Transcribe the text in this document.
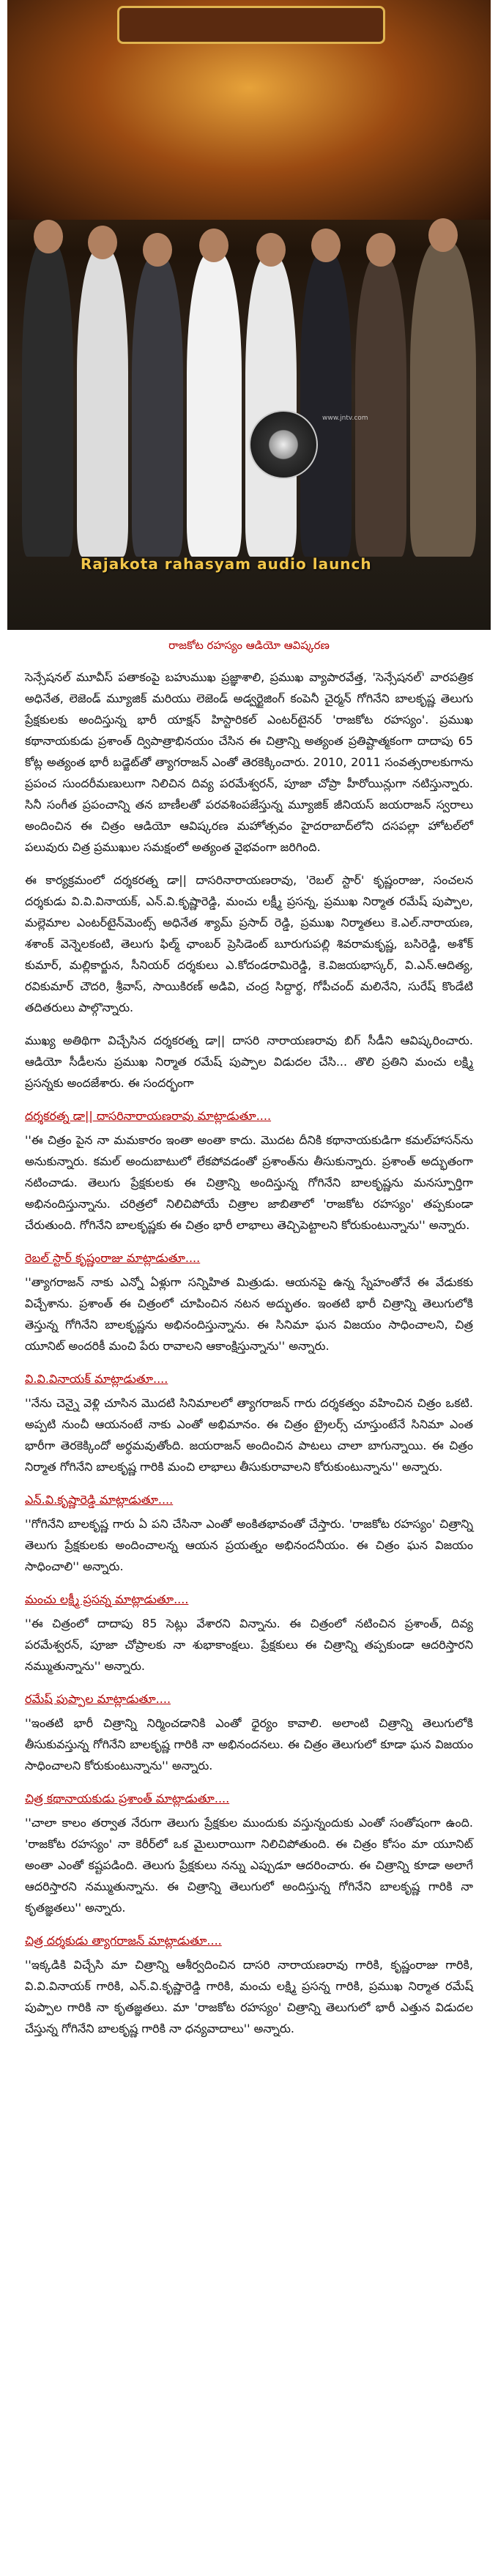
www.jntv.com
Rajakota rahasyam audio launch
రాజకోట రహస్యం ఆడియో ఆవిష్కరణ

సెన్సేషనల్ మూవీస్ పతాకంపై బహుముఖ ప్రజ్ఞాశాలి, ప్రముఖ వ్యాపారవేత్త, 'సెన్సేషనల్' వారపత్రిక అధినేత, లెజెండ్ మ్యూజిక్ మరియు లెజెండ్ అడ్వర్టైజింగ్ కంపెనీ చైర్మన్ గోగినేని బాలకృష్ణ తెలుగు ప్రేక్షకులకు అందిస్తున్న భారీ యాక్షన్ హిస్టారికల్ ఎంటర్‌టైనర్ 'రాజకోట రహస్యం'. ప్రముఖ కథానాయకుడు ప్రశాంత్ ద్విపాత్రాభినయం చేసిన ఈ చిత్రాన్ని అత్యంత ప్రతిష్టాత్మకంగా దాదాపు 65 కోట్ల అత్యంత భారీ బడ్జెట్‌తో త్యాగరాజన్ ఎంతో తెరకెక్కించారు. 2010, 2011 సంవత్సరాలకుగాను ప్రపంచ సుందరీమణులుగా నిలిచిన దివ్య పరమేశ్వరన్, పూజా చోప్రా హీరోయిన్లుగా నటిస్తున్నారు. సినీ సంగీత ప్రపంచాన్ని తన బాణీలతో పరవశింపజేస్తున్న మ్యూజిక్ జీనియస్ జయరాజన్ స్వరాలు అందించిన ఈ చిత్రం ఆడియో ఆవిష్కరణ మహోత్సవం హైదరాబాద్‌లోని దసపల్లా హోటల్‌లో పలువురు చిత్ర ప్రముఖుల సమక్షంలో అత్యంత వైభవంగా జరిగింది.

ఈ కార్యక్రమంలో దర్శకరత్న డా|| దాసరినారాయణరావు, 'రెబల్ స్టార్' కృష్ణంరాజు, సంచలన దర్శకుడు వి.వి.వినాయక్, ఎన్.వి.కృష్ణారెడ్డి, మంచు లక్ష్మీ ప్రసన్న, ప్రముఖ నిర్మాత రమేష్ పుప్పాల, మల్లెమాల ఎంటర్‌టైన్‌మెంట్స్ అధినేత శ్యామ్ ప్రసాద్ రెడ్డి, ప్రముఖ నిర్మాతలు కె.ఎల్.నారాయణ, శశాంక్ వెన్నెలకంటి, తెలుగు ఫిల్మ్ ఛాంబర్ ప్రెసిడెంట్ బూరుగుపల్లి శివరామకృష్ణ, బసిరెడ్డి, అశోక్ కుమార్, మల్లికార్జున, సీనియర్ దర్శకులు ఎ.కోదండరామిరెడ్డి, కె.విజయభాస్కర్, వి.ఎన్.ఆదిత్య, రవికుమార్ చౌదరి, శ్రీవాస్, సాయికిరణ్ అడివి, చంద్ర సిద్దార్థ, గోపీచంద్ మలినేని, సురేష్ కొండేటి తదితరులు పాల్గొన్నారు.

ముఖ్య అతిథిగా విచ్చేసిన దర్శకరత్న డా|| దాసరి నారాయణరావు బిగ్ సీడీని ఆవిష్కరించారు. ఆడియో సీడీలను ప్రముఖ నిర్మాత రమేష్ పుప్పాల విడుదల చేసి... తొలి ప్రతిని మంచు లక్ష్మి ప్రసన్నకు అందజేశారు. ఈ సందర్భంగా

దర్శకరత్న డా|| దాసరినారాయణరావు మాట్లాడుతూ....

''ఈ చిత్రం పైన నా మమకారం ఇంతా అంతా కాదు. మొదట దీనికి కథానాయకుడిగా కమల్‌హాసన్‌ను అనుకున్నారు. కమల్ అందుబాటులో లేకపోవడంతో ప్రశాంత్‌ను తీసుకున్నారు. ప్రశాంత్ అద్భుతంగా నటించాడు. తెలుగు ప్రేక్షకులకు ఈ చిత్రాన్ని అందిస్తున్న గోగినేని బాలకృష్ణను మనస్పూర్తిగా అభినందిస్తున్నాను. చరిత్రలో నిలిచిపోయే చిత్రాల జాబితాలో 'రాజకోట రహస్యం' తప్పకుండా చేరుతుంది. గోగినేని బాలకృష్ణకు ఈ చిత్రం భారీ లాభాలు తెచ్చిపెట్టాలని కోరుకుంటున్నాను'' అన్నారు.

రెబల్ స్టార్ కృష్ణంరాజు మాట్లాడుతూ....

''త్యాగరాజన్ నాకు ఎన్నో ఏళ్లుగా సన్నిహిత మిత్రుడు. ఆయనపై ఉన్న స్నేహంతోనే ఈ వేడుకకు విచ్చేశాను. ప్రశాంత్ ఈ చిత్రంలో చూపించిన నటన అద్భుతం. ఇంతటి భారీ చిత్రాన్ని తెలుగులోకి తెస్తున్న గోగినేని బాలకృష్ణను అభినందిస్తున్నాను. ఈ సినిమా ఘన విజయం సాధించాలని, చిత్ర యూనిట్ అందరికీ మంచి పేరు రావాలని ఆకాంక్షిస్తున్నాను'' అన్నారు.

వి.వి.వినాయక్ మాట్లాడుతూ....

''నేను చెన్నై వెళ్లి చూసిన మొదటి సినిమాలలో త్యాగరాజన్ గారు దర్శకత్వం వహించిన చిత్రం ఒకటి. అప్పటి నుంచీ ఆయనంటే నాకు ఎంతో అభిమానం. ఈ చిత్రం ట్రైలర్స్ చూస్తుంటేనే సినిమా ఎంత భారీగా తెరకెక్కిందో అర్థమవుతోంది. జయరాజన్ అందించిన పాటలు చాలా బాగున్నాయి. ఈ చిత్రం నిర్మాత గోగినేని బాలకృష్ణ గారికి మంచి లాభాలు తీసుకురావాలని కోరుకుంటున్నాను'' అన్నారు.

ఎన్.వి.కృష్ణారెడ్డి మాట్లాడుతూ....

''గోగినేని బాలకృష్ణ గారు ఏ పని చేసినా ఎంతో అంకితభావంతో చేస్తారు. 'రాజకోట రహస్యం' చిత్రాన్ని తెలుగు ప్రేక్షకులకు అందించాలన్న ఆయన ప్రయత్నం అభినందనీయం. ఈ చిత్రం ఘన విజయం సాధించాలి'' అన్నారు.

మంచు లక్ష్మీ ప్రసన్న మాట్లాడుతూ....

''ఈ చిత్రంలో దాదాపు 85 సెట్లు వేశారని విన్నాను. ఈ చిత్రంలో నటించిన ప్రశాంత్, దివ్య పరమేశ్వరన్, పూజా చోప్రాలకు నా శుభాకాంక్షలు. ప్రేక్షకులు ఈ చిత్రాన్ని తప్పకుండా ఆదరిస్తారని నమ్ముతున్నాను'' అన్నారు.

రమేష్ పుప్పాల మాట్లాడుతూ....

''ఇంతటి భారీ చిత్రాన్ని నిర్మించడానికి ఎంతో ధైర్యం కావాలి. అలాంటి చిత్రాన్ని తెలుగులోకి తీసుకువస్తున్న గోగినేని బాలకృష్ణ గారికి నా అభినందనలు. ఈ చిత్రం తెలుగులో కూడా ఘన విజయం సాధించాలని కోరుకుంటున్నాను'' అన్నారు.

చిత్ర కథానాయకుడు ప్రశాంత్ మాట్లాడుతూ....

''చాలా కాలం తర్వాత నేరుగా తెలుగు ప్రేక్షకుల ముందుకు వస్తున్నందుకు ఎంతో సంతోషంగా ఉంది. 'రాజకోట రహస్యం' నా కెరీర్‌లో ఒక మైలురాయిగా నిలిచిపోతుంది. ఈ చిత్రం కోసం మా యూనిట్ అంతా ఎంతో కష్టపడింది. తెలుగు ప్రేక్షకులు నన్ను ఎప్పుడూ ఆదరించారు. ఈ చిత్రాన్ని కూడా అలాగే ఆదరిస్తారని నమ్ముతున్నాను. ఈ చిత్రాన్ని తెలుగులో అందిస్తున్న గోగినేని బాలకృష్ణ గారికి నా కృతజ్ఞతలు'' అన్నారు.

చిత్ర దర్శకుడు త్యాగరాజన్ మాట్లాడుతూ....

''ఇక్కడికి విచ్చేసి మా చిత్రాన్ని ఆశీర్వదించిన దాసరి నారాయణరావు గారికి, కృష్ణంరాజు గారికి, వి.వి.వినాయక్ గారికి, ఎన్.వి.కృష్ణారెడ్డి గారికి, మంచు లక్ష్మి ప్రసన్న గారికి, ప్రముఖ నిర్మాత రమేష్ పుప్పాల గారికి నా కృతజ్ఞతలు. మా 'రాజకోట రహస్యం' చిత్రాన్ని తెలుగులో భారీ ఎత్తున విడుదల చేస్తున్న గోగినేని బాలకృష్ణ గారికి నా ధన్యవాదాలు'' అన్నారు.
